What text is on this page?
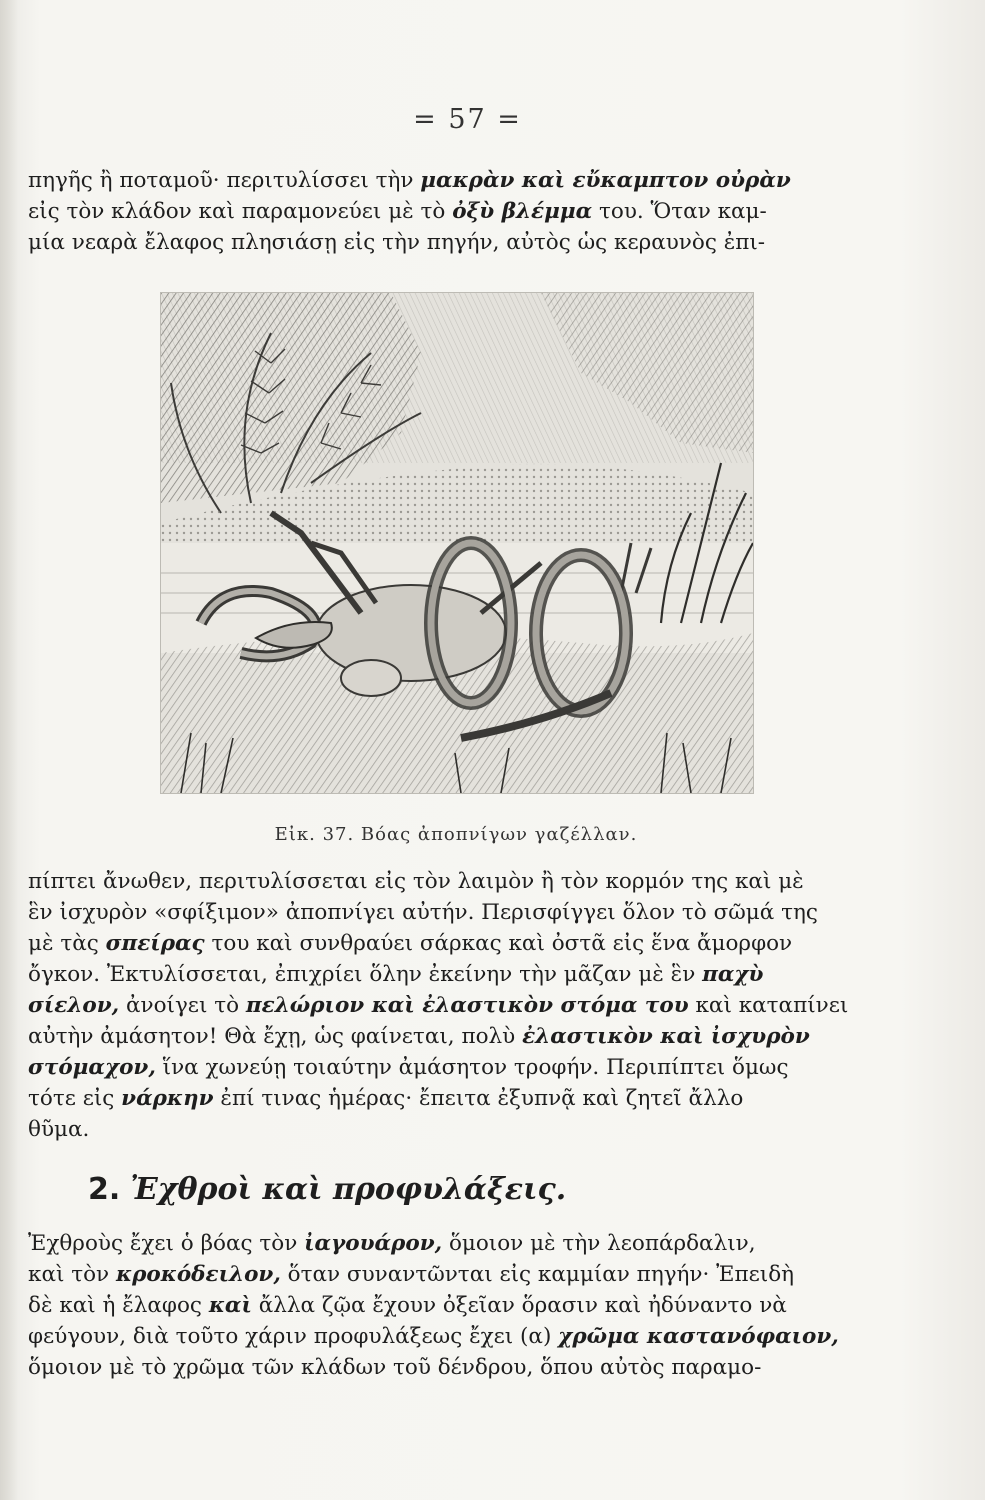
= 57 =
πηγῆς ἢ ποταμοῦ· περιτυλίσσει τὴν μακρὰν καὶ εὔκαμπτον οὐρὰν
εἰς τὸν κλάδον καὶ παραμονεύει μὲ τὸ ὀξὺ βλέμμα του. Ὅταν καμ-
μία νεαρὰ ἔλαφος πλησιάσῃ εἰς τὴν πηγήν, αὐτὸς ὡς κεραυνὸς ἐπι-
Εἰκ. 37. Βόας ἀποπνίγων γαζέλλαν.
πίπτει ἄνωθεν, περιτυλίσσεται εἰς τὸν λαιμὸν ἢ τὸν κορμόν της καὶ μὲ
ἓν ἰσχυρὸν «σφίξιμον» ἀποπνίγει αὐτήν. Περισφίγγει ὅλον τὸ σῶμά της
μὲ τὰς σπείρας του καὶ συνθραύει σάρκας καὶ ὀστᾶ εἰς ἕνα ἄμορφον
ὄγκον. Ἐκτυλίσσεται, ἐπιχρίει ὅλην ἐκείνην τὴν μᾶζαν μὲ ἓν παχὺ
σίελον, ἀνοίγει τὸ πελώριον καὶ ἐλαστικὸν στόμα του καὶ καταπίνει
αὐτὴν ἀμάσητον! Θὰ ἔχῃ, ὡς φαίνεται, πολὺ ἐλαστικὸν καὶ ἰσχυρὸν
στόμαχον, ἵνα χωνεύῃ τοιαύτην ἀμάσητον τροφήν. Περιπίπτει ὅμως
τότε εἰς νάρκην ἐπί τινας ἡμέρας· ἔπειτα ἐξυπνᾷ καὶ ζητεῖ ἄλλο
θῦμα.
2. Ἐχθροὶ καὶ προφυλάξεις.
Ἐχθροὺς ἔχει ὁ βόας τὸν ἰαγουάρον, ὅμοιον μὲ τὴν λεοπάρδαλιν,
καὶ τὸν κροκόδειλον, ὅταν συναντῶνται εἰς καμμίαν πηγήν· Ἐπειδὴ
δὲ καὶ ἡ ἔλαφος καὶ ἄλλα ζῷα ἔχουν ὀξεῖαν ὅρασιν καὶ ἠδύναντο νὰ
φεύγουν, διὰ τοῦτο χάριν προφυλάξεως ἔχει (α) χρῶμα καστανόφαιον,
ὅμοιον μὲ τὸ χρῶμα τῶν κλάδων τοῦ δένδρου, ὅπου αὐτὸς παραμο-
